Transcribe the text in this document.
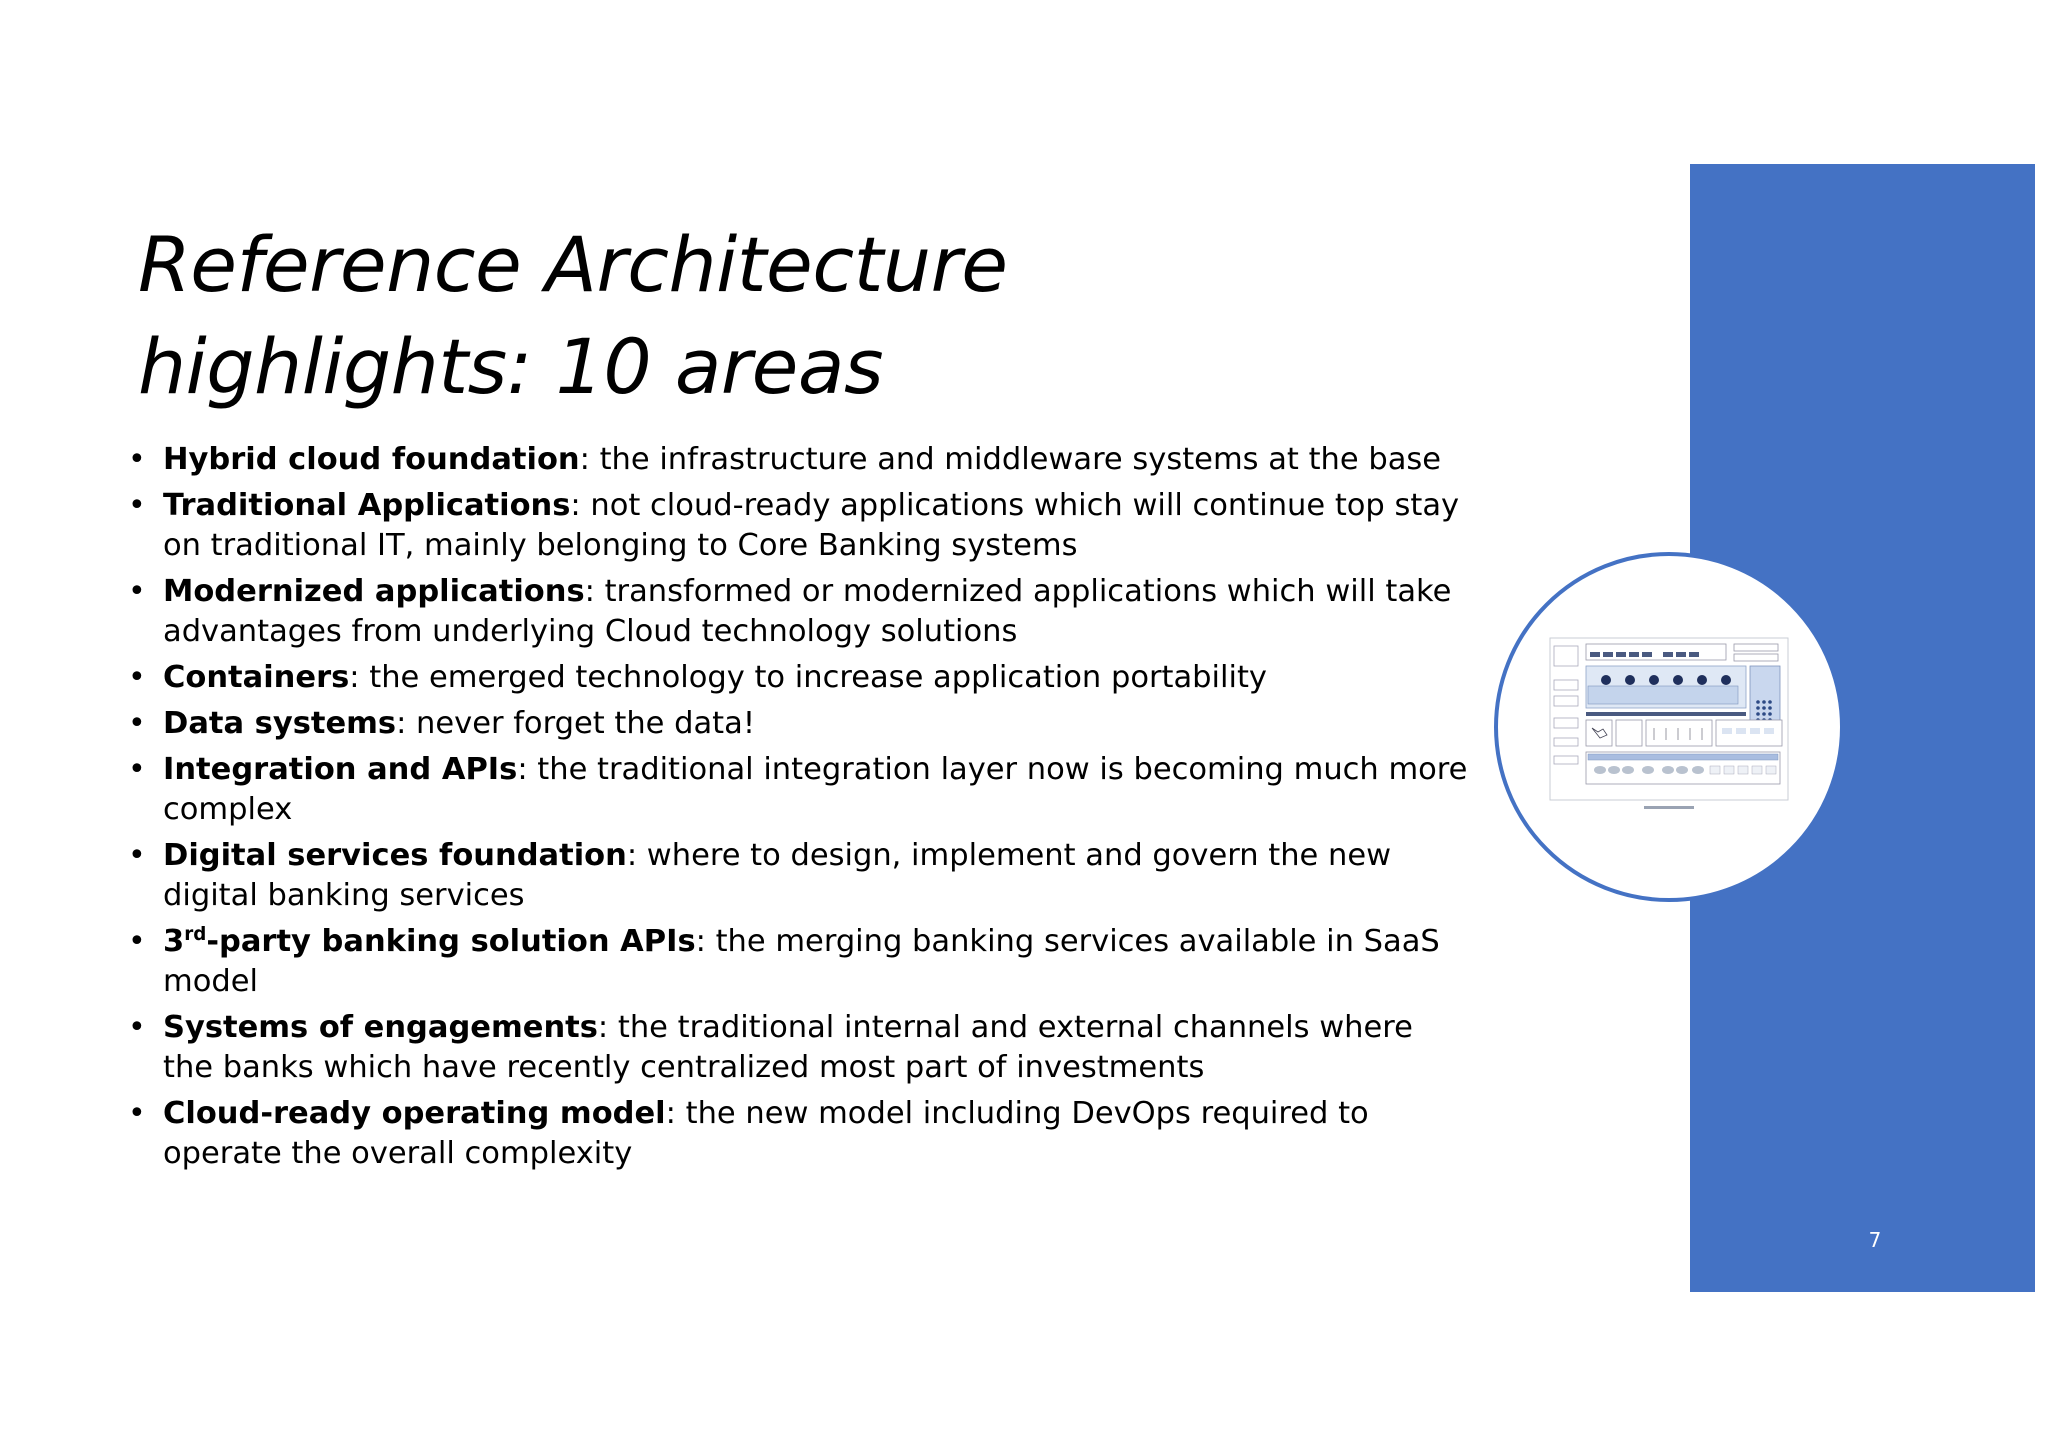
Reference Architecture
highlights: 10 areas
• Hybrid cloud foundation: the infrastructure and middleware systems at the base
• Traditional Applications: not cloud-ready applications which will continue top stay on traditional IT, mainly belonging to Core Banking systems
• Modernized applications: transformed or modernized applications which will take advantages from underlying Cloud technology solutions
• Containers: the emerged technology to increase application portability
• Data systems: never forget the data!
• Integration and APIs: the traditional integration layer now is becoming much more complex
• Digital services foundation: where to design, implement and govern the new digital banking services
• 3rd-party banking solution APIs: the merging banking services available in SaaS model
• Systems of engagements: the traditional internal and external channels where the banks which have recently centralized most part of investments
• Cloud-ready operating model: the new model including DevOps required to operate the overall complexity
7
